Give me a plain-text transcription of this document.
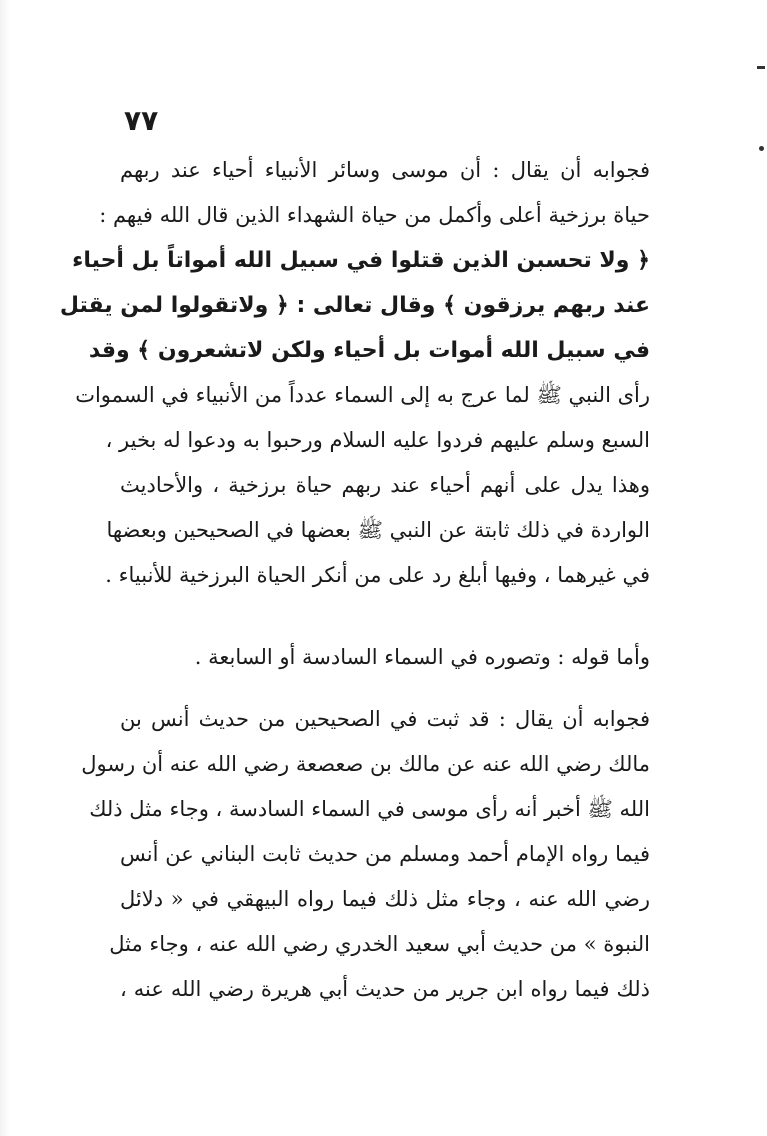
٧٧
فجوابه أن يقال : أن موسى وسائر الأنبياء أحياء عند ربهم
حياة برزخية أعلى وأكمل من حياة الشهداء الذين قال الله فيهم :
﴿ ولا تحسبن الذين قتلوا في سبيل الله أمواتاً بل أحياء
عند ربهم يرزقون ﴾ وقال تعالى : ﴿ ولاتقولوا لمن يقتل
في سبيل الله أموات بل أحياء ولكن لاتشعرون ﴾ وقد
رأى النبي ﷺ لما عرج به إلى السماء عدداً من الأنبياء في السموات
السبع وسلم عليهم فردوا عليه السلام ورحبوا به ودعوا له بخير ،
وهذا يدل على أنهم أحياء عند ربهم حياة برزخية ، والأحاديث
الواردة في ذلك ثابتة عن النبي ﷺ بعضها في الصحيحين وبعضها
في غيرهما ، وفيها أبلغ رد على من أنكر الحياة البرزخية للأنبياء .
وأما قوله : وتصوره في السماء السادسة أو السابعة .
فجوابه أن يقال : قد ثبت في الصحيحين من حديث أنس بن
مالك رضي الله عنه عن مالك بن صعصعة رضي الله عنه أن رسول
الله ﷺ أخبر أنه رأى موسى في السماء السادسة ، وجاء مثل ذلك
فيما رواه الإمام أحمد ومسلم من حديث ثابت البناني عن أنس
رضي الله عنه ، وجاء مثل ذلك فيما رواه البيهقي في « دلائل
النبوة » من حديث أبي سعيد الخدري رضي الله عنه ، وجاء مثل
ذلك فيما رواه ابن جرير من حديث أبي هريرة رضي الله عنه ،
